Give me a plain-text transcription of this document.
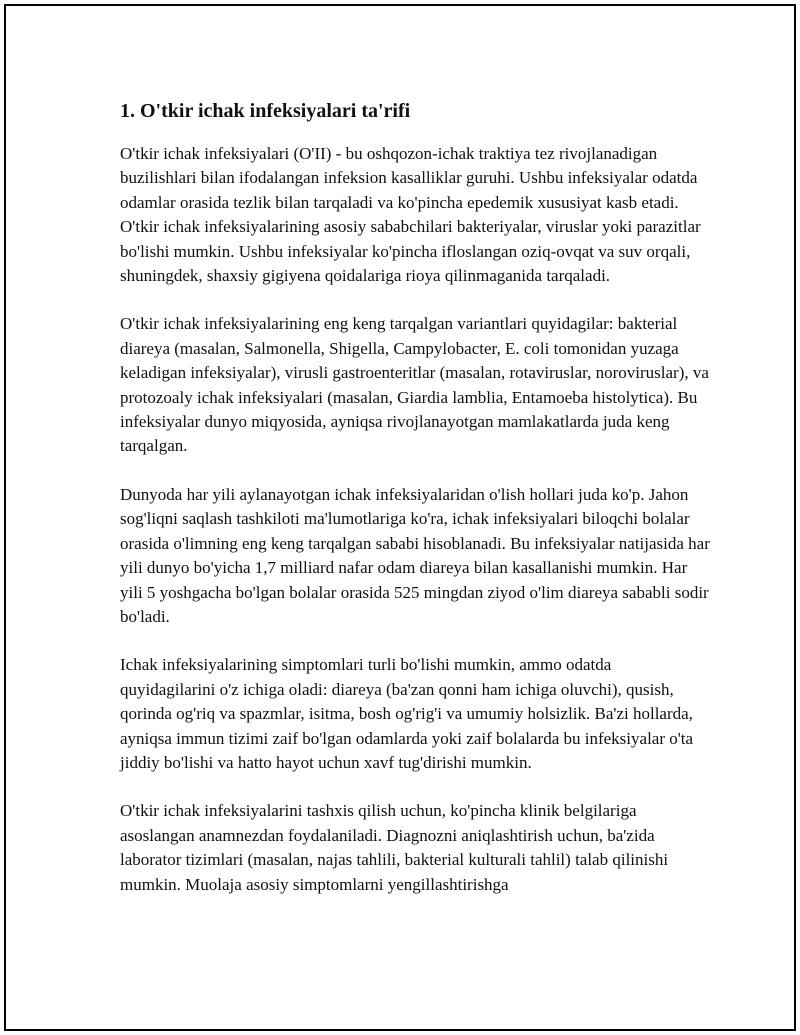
1. O'tkir ichak infeksiyalari ta'rifi

O'tkir ichak infeksiyalari (O'II) - bu oshqozon-ichak traktiya tez rivojlanadigan buzilishlari bilan ifodalangan infeksion kasalliklar guruhi. Ushbu infeksiyalar odatda odamlar orasida tezlik bilan tarqaladi va ko'pincha epedemik xususiyat kasb etadi. O'tkir ichak infeksiyalarining asosiy sababchilari bakteriyalar, viruslar yoki parazitlar bo'lishi mumkin. Ushbu infeksiyalar ko'pincha ifloslangan oziq-ovqat va suv orqali, shuningdek, shaxsiy gigiyena qoidalariga rioya qilinmaganida tarqaladi.

O'tkir ichak infeksiyalarining eng keng tarqalgan variantlari quyidagilar: bakterial diareya (masalan, Salmonella, Shigella, Campylobacter, E. coli tomonidan yuzaga keladigan infeksiyalar), virusli gastroenteritlar (masalan, rotaviruslar, noroviruslar), va protozoaly ichak infeksiyalari (masalan, Giardia lamblia, Entamoeba histolytica). Bu infeksiyalar dunyo miqyosida, ayniqsa rivojlanayotgan mamlakatlarda juda keng tarqalgan.

Dunyoda har yili aylanayotgan ichak infeksiyalaridan o'lish hollari juda ko'p. Jahon sog'liqni saqlash tashkiloti ma'lumotlariga ko'ra, ichak infeksiyalari biloqchi bolalar orasida o'limning eng keng tarqalgan sababi hisoblanadi. Bu infeksiyalar natijasida har yili dunyo bo'yicha 1,7 milliard nafar odam diareya bilan kasallanishi mumkin. Har yili 5 yoshgacha bo'lgan bolalar orasida 525 mingdan ziyod o'lim diareya sababli sodir bo'ladi.

Ichak infeksiyalarining simptomlari turli bo'lishi mumkin, ammo odatda quyidagilarini o'z ichiga oladi: diareya (ba'zan qonni ham ichiga oluvchi), qusish, qorinda og'riq va spazmlar, isitma, bosh og'rig'i va umumiy holsizlik. Ba'zi hollarda, ayniqsa immun tizimi zaif bo'lgan odamlarda yoki zaif bolalarda bu infeksiyalar o'ta jiddiy bo'lishi va hatto hayot uchun xavf tug'dirishi mumkin.

O'tkir ichak infeksiyalarini tashxis qilish uchun, ko'pincha klinik belgilariga asoslangan anamnezdan foydalaniladi. Diagnozni aniqlashtirish uchun, ba'zida laborator tizimlari (masalan, najas tahlili, bakterial kulturali tahlil) talab qilinishi mumkin. Muolaja asosiy simptomlarni yengillashtirishga
